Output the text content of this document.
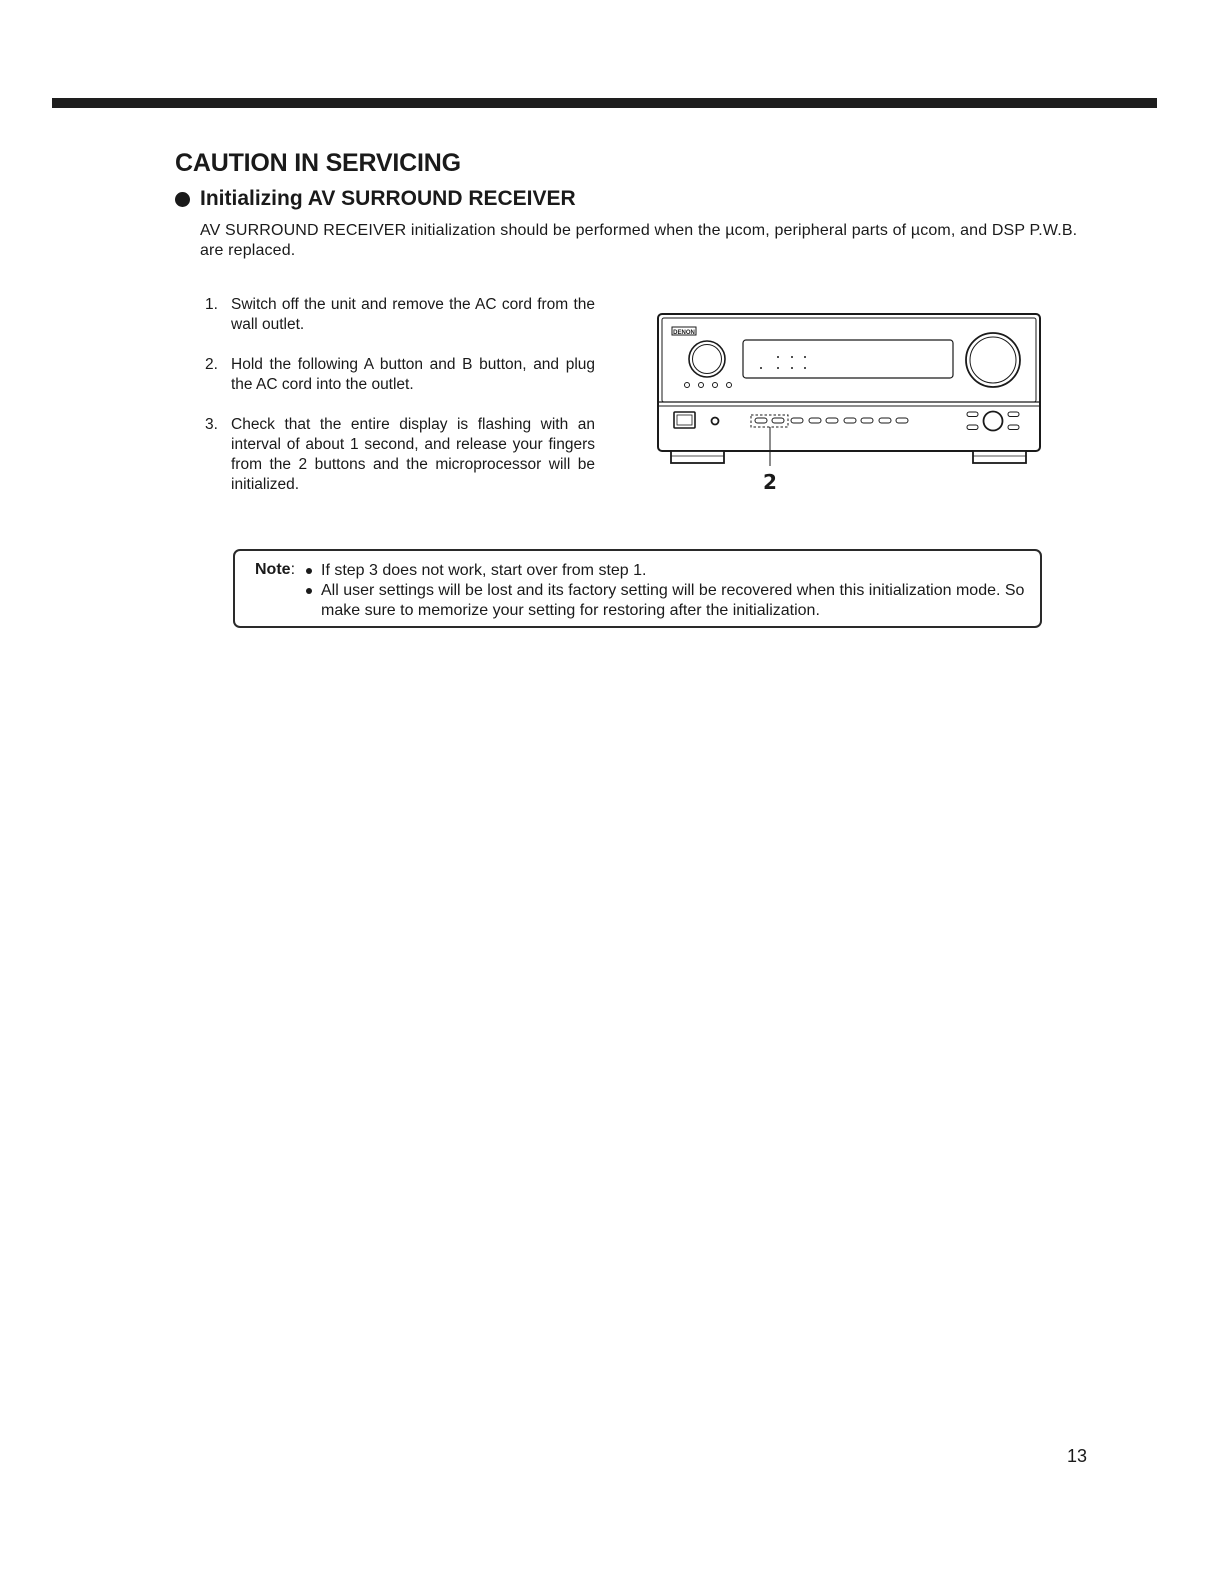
CAUTION IN SERVICING
Initializing AV SURROUND RECEIVER

AV SURROUND RECEIVER initialization should be performed when the µcom, peripheral parts of µcom, and DSP P.W.B. are replaced.

1. Switch off the unit and remove the AC cord from the wall outlet.
2. Hold the following A button and B button, and plug the AC cord into the outlet.
3. Check that the entire display is flashing with an interval of about 1 second, and release your fingers from the 2 buttons and the microprocessor will be initialized.
DENON
2
Note:	If step 3 does not work, start over from step 1.
All user settings will be lost and its factory setting will be recovered when this initialization mode. So make sure to memorize your setting for restoring after the initialization.
13
